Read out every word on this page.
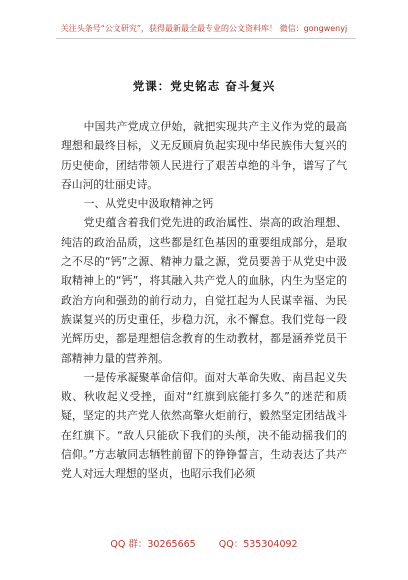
关注头条号“公文研究”，获得最新最全最专业的公文资料库！ 微信：gongwenyj
党课：党史铭志 奋斗复兴

中国共产党成立伊始，就把实现共产主义作为党的最高理想和最终目标，义无反顾肩负起实现中华民族伟大复兴的历史使命，团结带领人民进行了艰苦卓绝的斗争，谱写了气吞山河的壮丽史诗。

一、从党史中汲取精神之钙

党史蕴含着我们党先进的政治属性、崇高的政治理想、纯洁的政治品质，这些都是红色基因的重要组成部分，是取之不尽的“钙”之源、精神力量之源，党员要善于从党史中汲取精神上的“钙”，将其融入共产党人的血脉，内生为坚定的政治方向和强劲的前行动力，自觉扛起为人民谋幸福、为民族谋复兴的历史重任，步稳力沉，永不懈怠。我们党每一段光辉历史，都是理想信念教育的生动教材，都是涵养党员干部精神力量的营养剂。

一是传承凝聚革命信仰。面对大革命失败、南昌起义失败、秋收起义受挫，面对“红旗到底能打多久”的迷茫和质疑，坚定的共产党人依然高擎火炬前行，毅然坚定团结战斗在红旗下。“敌人只能砍下我们的头颅，决不能动摇我们的信仰。”方志敏同志牺牲前留下的铮铮誓言，生动表达了共产党人对远大理想的坚贞，也昭示我们必须

QQ 群：30265665 QQ：535304092
